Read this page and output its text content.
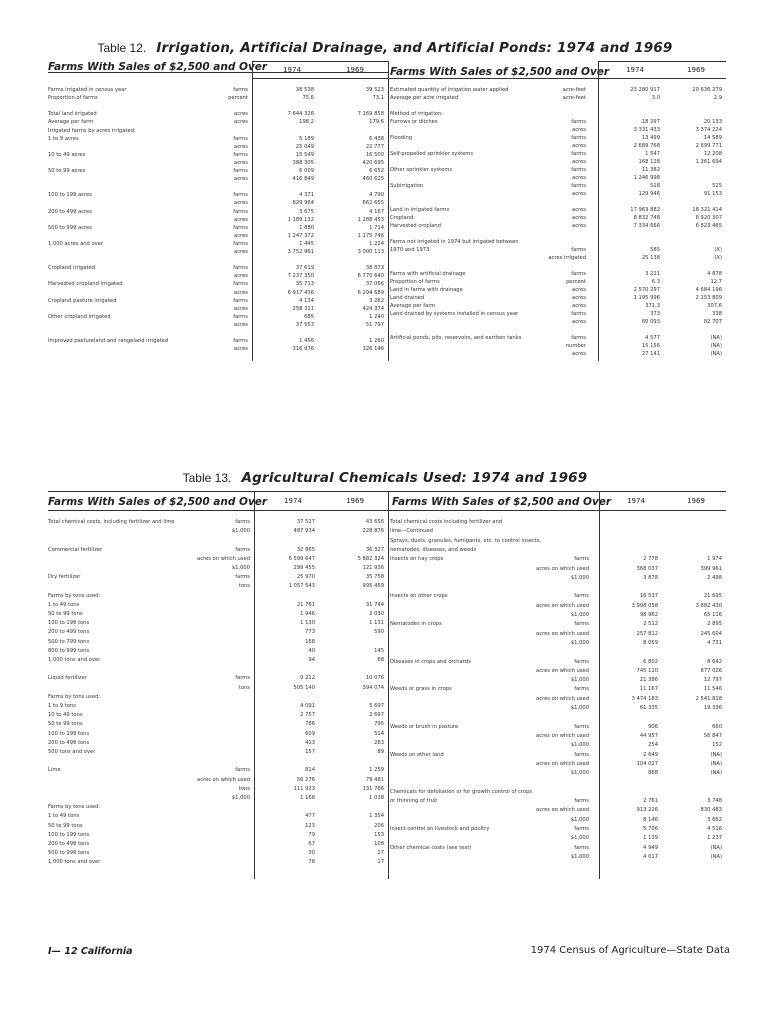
Table 12. Irrigation, Artificial Drainage, and Artificial Ponds: 1974 and 1969
Farms With Sales of $2,500 and Over	Farms With Sales of $2,500 and Over
1974	1969	1974	1969
Farms irrigated in census year	farms	38 538	39 523
Proportion of farms	percent	75.6	73.1
Total land irrigated	acres	7 644 326	7 169 858
Average per farm	acres	198.2	179.6
Irrigated farms by acres irrigated:
1 to 9 acres	farms	5 189	6 438
acres	25 049	22 777
10 to 49 acres	farms	15 549	16 500
acres	388 305	420 695
50 to 99 acres	farms	6 009	6 652
acres	416 849	460 625
100 to 199 acres	farms	4 371	4 790
acres	629 964	662 655
200 to 499 acres	farms	3 675	4 167
acres	1 189 132	1 288 453
500 to 999 acres	farms	1 880	1 714
acres	1 247 372	1 175 746
1,000 acres and over	farms	1 445	1 224
acres	3 752 961	3 000 113
Cropland irrigated	farms	37 619	38 873
acres	7 237 350	6 770 640
Harvested cropland irrigated	farms	35 713	37 066
acres	6 917 436	6 294 689
Cropland pasture irrigated	farms	4 134	3 262
acres	258 311	424 374
Other cropland irrigated	farms	685	1 240
acres	37 553	51 797
Improved pastureland and rangeland irrigated	farms	1 456	1 260
acres	316 976	326 146
Estimated quantity of irrigation water applied	acre-feet	23 280 917	20 636 279
Average per acre irrigated	acre-feet	3.0	2.9
Method of irrigation:
Furrows or ditches	farms	18 297	20 133
acres	3 331 433	3 374 224
Flooding	farms	13 499	14 589
acres	2 689 768	2 699 771
Self-propelled sprinkler systems	farms	1 547	12 208
acres	168 128	1 361 694
Other sprinkler systems	farms	11 382
acres	1 246 998
Subirrigation	farms	518	525
acres	129 946	91 153
Land in irrigated farms	acres	17 963 882	18 321 414
Cropland	acres	8 832 748	8 920 307
Harvested cropland	acres	7 334 666	6 823 465
Farms not irrigated in 1974 but irrigated between
1970 and 1973	farms	585	(X)
acres irrigated	25 138	(X)
Farms with artificial drainage	farms	3 221	4 878
Proportion of farms	percent	6.3	12.7
Land in farms with drainage	acres	2 570 297	4 684 196
Land drained	acres	1 195 996	2 153 809
Average per farm	acres	371.3	307.6
Land drained by systems installed in census year	farms	373	338
acres	60 093	82 707
Artificial ponds, pits, reservoirs, and earthen tanks	farms	4 577	(NA)
number	15 156	(NA)
acres	27 141	(NA)
Table 13. Agricultural Chemicals Used: 1974 and 1969
Farms With Sales of $2,500 and Over	Farms With Sales of $2,500 and Over
1974	1969	1974	1969
Total chemical costs, including fertilizer and lime	farms	37 527	43 656
$1,000	487 934	228 876
Commercial fertilizer	farms	32 865	36 327
acres on which used	6 599 647	5 882 324
$1,000	299 455	121 936
Dry fertilizer	farms	25 970	35 758
tons	1 057 543	995 459
Farms by tons used:
1 to 49 tons	21 761	31 744
50 to 99 tons	1 946	2 030
100 to 199 tons	1 130	1 131
200 to 499 tons	773	590
500 to 799 tons	168
800 to 999 tons	40	145
1,000 tons and over	94	68
Liquid fertilizer	farms	9 212	10 076
tons	505 140	394 074
Farms by tons used:
1 to 9 tons	4 091	5 697
10 to 49 tons	2 757	2 697
50 to 99 tons	786	795
100 to 199 tons	609	514
200 to 499 tons	413	283
500 tons and over	157	89
Lime	farms	814	1 259
acres on which used	56 276	79 481
tons	111 923	131 766
$1,000	1 168	1 038
Farms by tons used:
1 to 49 tons	477	1 354
50 to 99 tons	123	206
100 to 199 tons	79	153
200 to 499 tons	67	108
500 to 999 tons	30	27
1,000 tons and over	78	17
Total chemical costs including fertilizer and
lime—Continued
Sprays, dusts, granules, fumigants, etc. to control insects,
nematodes, diseases, and weeds
Insects on hay crops	farms	2 778	1 974
acres on which used	368 037	399 961
$1,000	3 878	2 498
Insects on other crops	farms	16 537	21 695
acres on which used	3 908 058	3 882 430
$1,000	98 962	65 116
Nematodes in crops	farms	2 512	2 895
acres on which used	257 812	245 604
$1,000	8 059	4 731
Diseases in crops and orchards	farms	6 802	8 642
acres on which used	745 110	877 026
$1,000	21 386	12 797
Weeds or grass in crops	farms	11 167	11 546
acres on which used	3 474 183	2 541 818
$1,000	61 335	19 336
Weeds or brush in pasture	farms	906	660
acres on which used	44 957	56 847
$1,000	254	152
Weeds on other land	farms	2 649	(NA)
acres on which used	104 027	(NA)
$1,000	868	(NA)
Chemicals for defoliation or for growth control of crops
or thinning of fruit	farms	2 761	3 748
acres on which used	913 226	830 483
$1,000	8 146	3 662
Insect control on livestock and poultry	farms	5 706	4 516
$1,000	1 139	1 237
Other chemical costs (see text)	farms	4 949	(NA)
$1,000	4 017	(NA)
I— 12 California	1974 Census of Agriculture—State Data
